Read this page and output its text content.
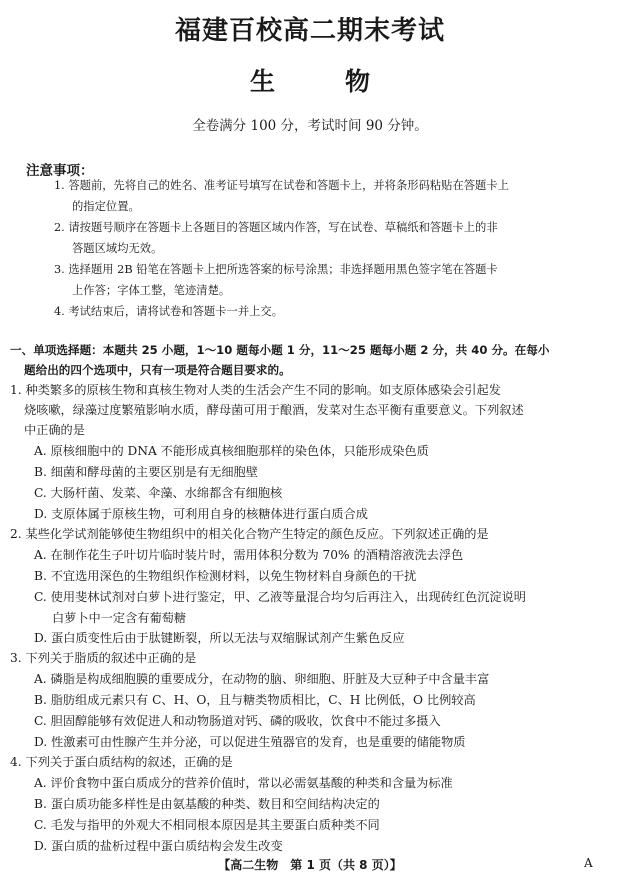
福建百校高二期末考试
生	物
全卷满分 100 分，考试时间 90 分钟。
注意事项：
1. 答题前，先将自己的姓名、准考证号填写在试卷和答题卡上，并将条形码粘贴在答题卡上
的指定位置。
2. 请按题号顺序在答题卡上各题目的答题区域内作答，写在试卷、草稿纸和答题卡上的非
答题区域均无效。
3. 选择题用 2B 铅笔在答题卡上把所选答案的标号涂黑；非选择题用黑色签字笔在答题卡
上作答；字体工整，笔迹清楚。
4. 考试结束后，请将试卷和答题卡一并上交。
一、单项选择题：本题共 25 小题，1～10 题每小题 1 分，11～25 题每小题 2 分，共 40 分。在每小
题给出的四个选项中，只有一项是符合题目要求的。
1. 种类繁多的原核生物和真核生物对人类的生活会产生不同的影响。如支原体感染会引起发
烧咳嗽，绿藻过度繁殖影响水质，酵母菌可用于酿酒，发菜对生态平衡有重要意义。下列叙述
中正确的是
A. 原核细胞中的 DNA 不能形成真核细胞那样的染色体，只能形成染色质
B. 细菌和酵母菌的主要区别是有无细胞壁
C. 大肠杆菌、发菜、伞藻、水绵都含有细胞核
D. 支原体属于原核生物，可利用自身的核糖体进行蛋白质合成
2. 某些化学试剂能够使生物组织中的相关化合物产生特定的颜色反应。下列叙述正确的是
A. 在制作花生子叶切片临时装片时，需用体积分数为 70% 的酒精溶液洗去浮色
B. 不宜选用深色的生物组织作检测材料，以免生物材料自身颜色的干扰
C. 使用斐林试剂对白萝卜进行鉴定，甲、乙液等量混合均匀后再注入，出现砖红色沉淀说明
白萝卜中一定含有葡萄糖
D. 蛋白质变性后由于肽键断裂，所以无法与双缩脲试剂产生紫色反应
3. 下列关于脂质的叙述中正确的是
A. 磷脂是构成细胞膜的重要成分，在动物的脑、卵细胞、肝脏及大豆种子中含量丰富
B. 脂肪组成元素只有 C、H、O，且与糖类物质相比，C、H 比例低，O 比例较高
C. 胆固醇能够有效促进人和动物肠道对钙、磷的吸收，饮食中不能过多摄入
D. 性激素可由性腺产生并分泌，可以促进生殖器官的发育，也是重要的储能物质
4. 下列关于蛋白质结构的叙述，正确的是
A. 评价食物中蛋白质成分的营养价值时，常以必需氨基酸的种类和含量为标准
B. 蛋白质功能多样性是由氨基酸的种类、数目和空间结构决定的
C. 毛发与指甲的外观大不相同根本原因是其主要蛋白质种类不同
D. 蛋白质的盐析过程中蛋白质结构会发生改变
【高二生物　第 1 页（共 8 页）】	A
